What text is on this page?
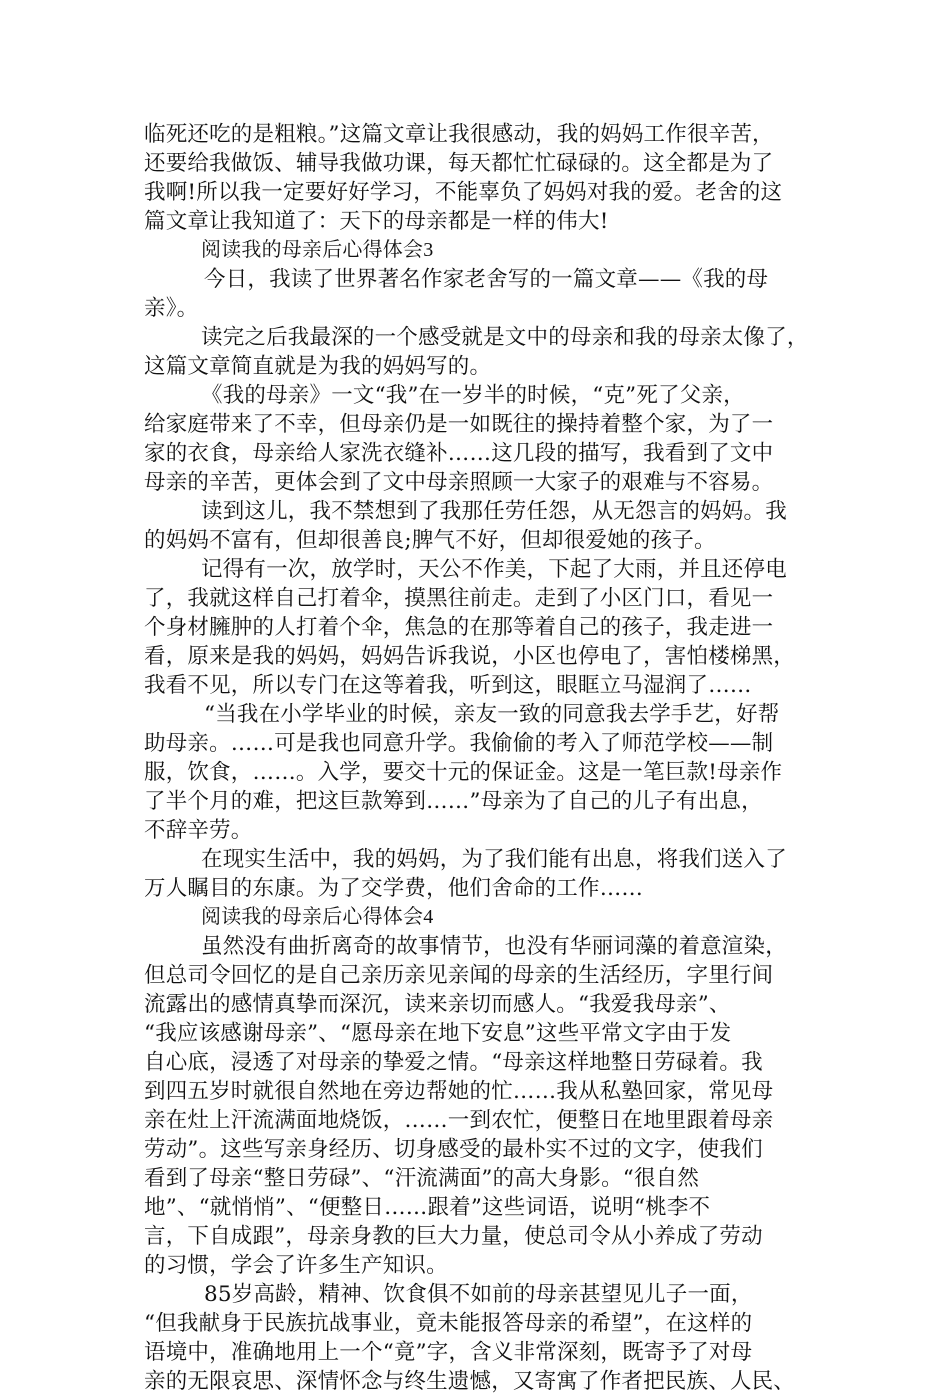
临死还吃的是粗粮。”这篇文章让我很感动，我的妈妈工作很辛苦，
还要给我做饭、辅导我做功课，每天都忙忙碌碌的。这全都是为了
我啊!所以我一定要好好学习，不能辜负了妈妈对我的爱。老舍的这
篇文章让我知道了：天下的母亲都是一样的伟大!
阅读我的母亲后心得体会3
今日，我读了世界著名作家老舍写的一篇文章——《我的母
亲》。
读完之后我最深的一个感受就是文中的母亲和我的母亲太像了，
这篇文章简直就是为我的妈妈写的。
《我的母亲》一文“我”在一岁半的时候，“克”死了父亲，
给家庭带来了不幸，但母亲仍是一如既往的操持着整个家，为了一
家的衣食，母亲给人家洗衣缝补……这几段的描写，我看到了文中
母亲的辛苦，更体会到了文中母亲照顾一大家子的艰难与不容易。
读到这儿，我不禁想到了我那任劳任怨，从无怨言的妈妈。我
的妈妈不富有，但却很善良;脾气不好，但却很爱她的孩子。
记得有一次，放学时，天公不作美，下起了大雨，并且还停电
了，我就这样自己打着伞，摸黑往前走。走到了小区门口，看见一
个身材臃肿的人打着个伞，焦急的在那等着自己的孩子，我走进一
看，原来是我的妈妈，妈妈告诉我说，小区也停电了，害怕楼梯黑，
我看不见，所以专门在这等着我，听到这，眼眶立马湿润了……
“当我在小学毕业的时候，亲友一致的同意我去学手艺，好帮
助母亲。……可是我也同意升学。我偷偷的考入了师范学校——制
服，饮食，……。入学，要交十元的保证金。这是一笔巨款!母亲作
了半个月的难，把这巨款筹到……”母亲为了自己的儿子有出息，
不辞辛劳。
在现实生活中，我的妈妈，为了我们能有出息，将我们送入了
万人瞩目的东康。为了交学费，他们舍命的工作……
阅读我的母亲后心得体会4
虽然没有曲折离奇的故事情节，也没有华丽词藻的着意渲染，
但总司令回忆的是自己亲历亲见亲闻的母亲的生活经历，字里行间
流露出的感情真挚而深沉，读来亲切而感人。“我爱我母亲”、
“我应该感谢母亲”、“愿母亲在地下安息”这些平常文字由于发
自心底，浸透了对母亲的挚爱之情。“母亲这样地整日劳碌着。我
到四五岁时就很自然地在旁边帮她的忙……我从私塾回家，常见母
亲在灶上汗流满面地烧饭，……一到农忙，便整日在地里跟着母亲
劳动”。这些写亲身经历、切身感受的最朴实不过的文字，使我们
看到了母亲“整日劳碌”、“汗流满面”的高大身影。“很自然
地”、“就悄悄”、“便整日……跟着”这些词语，说明“桃李不
言，下自成跟”，母亲身教的巨大力量，使总司令从小养成了劳动
的习惯，学会了许多生产知识。
85岁高龄，精神、饮食俱不如前的母亲甚望见儿子一面，
“但我献身于民族抗战事业，竟未能报答母亲的希望”，在这样的
语境中，准确地用上一个“竟”字，含义非常深刻，既寄予了对母
亲的无限哀思、深情怀念与终生遗憾，又寄寓了作者把民族、人民、
